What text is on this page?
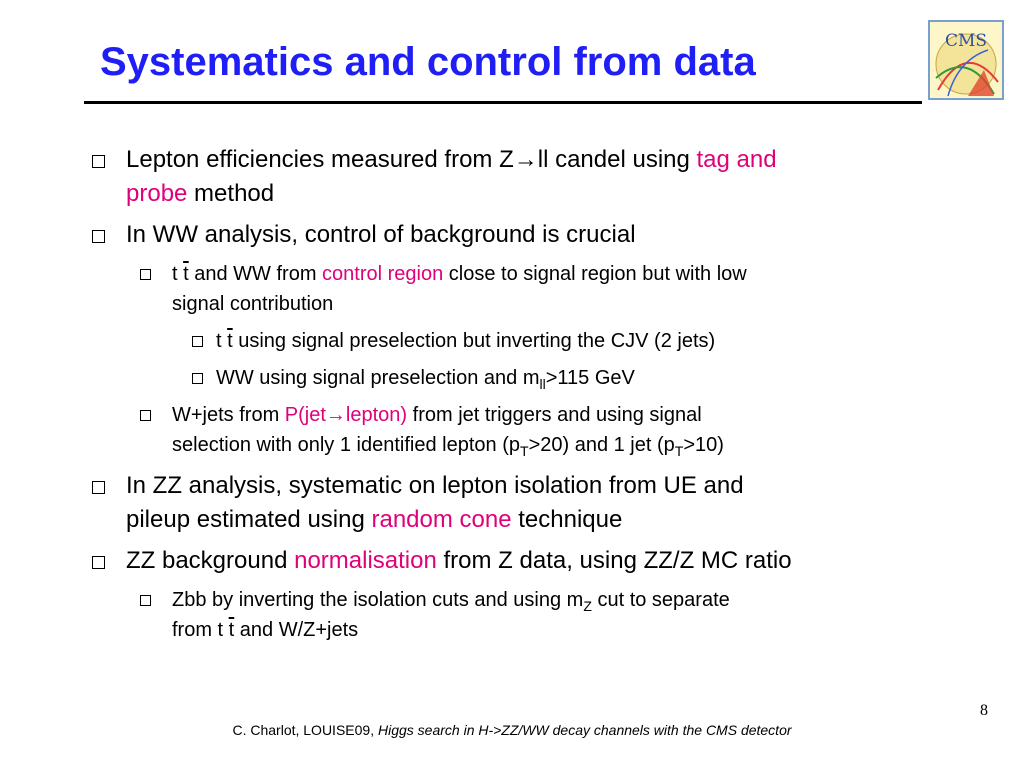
Systematics and control from data	CMS
Lepton efficiencies measured from Z→ll candel using tag and
probe method
In WW analysis, control of background is crucial
t $\overline{t}$ and WW from control region close to signal region but with low
signal contribution
t $\overline{t}$ using signal preselection but inverting the CJV (2 jets)
WW using signal preselection and $m_{ll}>115$ GeV
W+jets from P(jet→lepton) from jet triggers and using signal
selection with only 1 identified lepton $(p_T>20)$ and 1 jet $(p_T>10)$
In ZZ analysis, systematic on lepton isolation from UE and
pileup estimated using random cone technique
ZZ background normalisation from Z data, using ZZ/Z MC ratio
Zbb by inverting the isolation cuts and using $m_Z$ cut to separate
from t $\overline{t}$ and W/Z+jets
8
C. Charlot, LOUISE09, Higgs search in H->ZZ/WW decay channels with the CMS detector
